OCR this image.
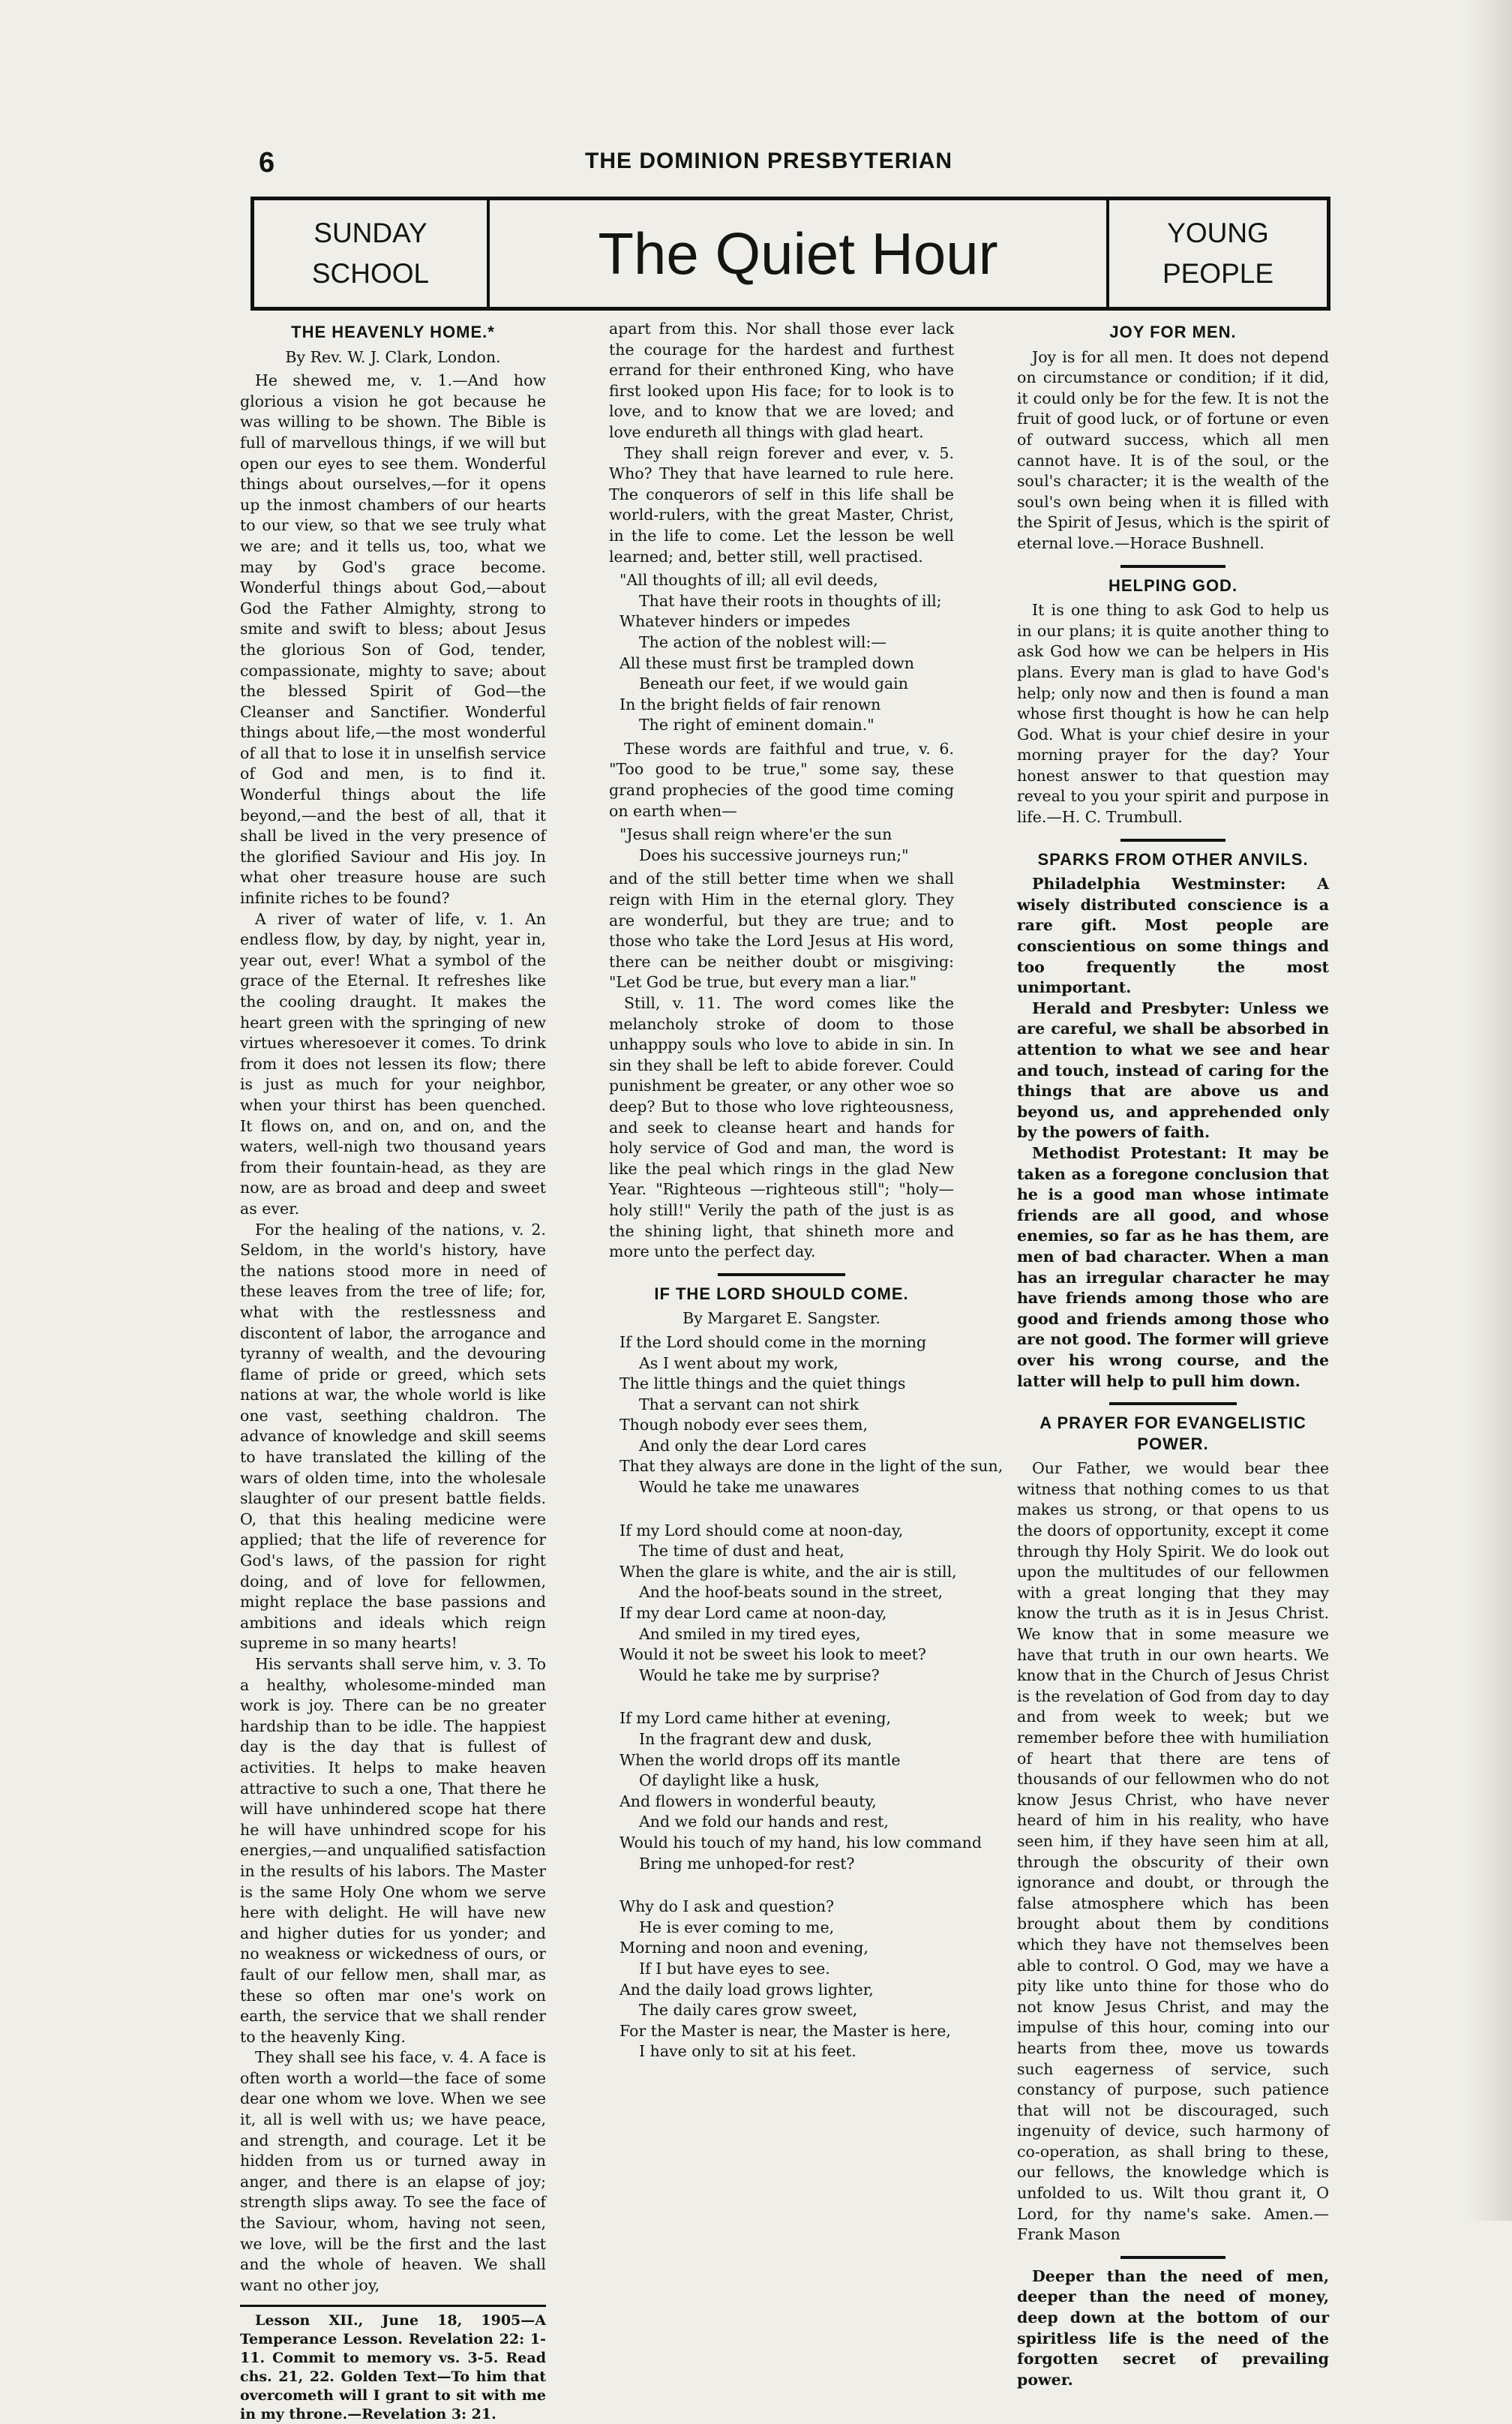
6	THE DOMINION PRESBYTERIAN
SUNDAY
SCHOOL	The Quiet Hour	YOUNG
PEOPLE
THE HEAVENLY HOME.*
By Rev. W. J. Clark, London.

He shewed me, v. 1.—And how glorious a vision he got because he was willing to be shown. The Bible is full of marvellous things, if we will but open our eyes to see them. Wonderful things about ourselves,—for it opens up the inmost chambers of our hearts to our view, so that we see truly what we are; and it tells us, too, what we may by God's grace become. Wonderful things about God,—about God the Father Almighty, strong to smite and swift to bless; about Jesus the glorious Son of God, tender, compassionate, mighty to save; about the blessed Spirit of God—the Cleanser and Sanctifier. Wonderful things about life,—the most wonderful of all that to lose it in unselfish service of God and men, is to find it. Wonderful things about the life beyond,—and the best of all, that it shall be lived in the very presence of the glorified Saviour and His joy. In what oher treasure house are such infinite riches to be found?

A river of water of life, v. 1. An endless flow, by day, by night, year in, year out, ever! What a symbol of the grace of the Eternal. It refreshes like the cooling draught. It makes the heart green with the springing of new virtues wheresoever it comes. To drink from it does not lessen its flow; there is just as much for your neighbor, when your thirst has been quenched. It flows on, and on, and on, and the waters, well-nigh two thousand years from their fountain-head, as they are now, are as broad and deep and sweet as ever.

For the healing of the nations, v. 2. Seldom, in the world's history, have the nations stood more in need of these leaves from the tree of life; for, what with the restlessness and discontent of labor, the arrogance and tyranny of wealth, and the devouring flame of pride or greed, which sets nations at war, the whole world is like one vast, seething chaldron. The advance of knowledge and skill seems to have translated the killing of the wars of olden time, into the wholesale slaughter of our present battle fields. O, that this healing medicine were applied; that the life of reverence for God's laws, of the passion for right doing, and of love for fellowmen, might replace the base passions and ambitions and ideals which reign supreme in so many hearts!

His servants shall serve him, v. 3. To a healthy, wholesome-minded man work is joy. There can be no greater hardship than to be idle. The happiest day is the day that is fullest of activities. It helps to make heaven attractive to such a one, That there he will have unhindered scope hat there he will have unhindred scope for his energies,—and unqualified satisfaction in the results of his labors. The Master is the same Holy One whom we serve here with delight. He will have new and higher duties for us yonder; and no weakness or wickedness of ours, or fault of our fellow men, shall mar, as these so often mar one's work on earth, the service that we shall render to the heavenly King.

They shall see his face, v. 4. A face is often worth a world—the face of some dear one whom we love. When we see it, all is well with us; we have peace, and strength, and courage. Let it be hidden from us or turned away in anger, and there is an elapse of joy; strength slips away. To see the face of the Saviour, whom, having not seen, we love, will be the first and the last and the whole of heaven. We shall want no other joy,

Lesson XII., June 18, 1905—A Temperance Lesson. Revelation 22: 1-11. Commit to memory vs. 3-5. Read chs. 21, 22. Golden Text—To him that overcometh will I grant to sit with me in my throne.—Revelation 3: 21.

apart from this. Nor shall those ever lack the courage for the hardest and furthest errand for their enthroned King, who have first looked upon His face; for to look is to love, and to know that we are loved; and love endureth all things with glad heart.

They shall reign forever and ever, v. 5. Who? They that have learned to rule here. The conquerors of self in this life shall be world-rulers, with the great Master, Christ, in the life to come. Let the lesson be well learned; and, better still, well practised.

"All thoughts of ill; all evil deeds,
That have their roots in thoughts of ill;
Whatever hinders or impedes
The action of the noblest will:—
All these must first be trampled down
Beneath our feet, if we would gain
In the bright fields of fair renown
The right of eminent domain."

These words are faithful and true, v. 6. "Too good to be true," some say, these grand prophecies of the good time coming on earth when—

"Jesus shall reign where'er the sun
Does his successive journeys run;"

and of the still better time when we shall reign with Him in the eternal glory. They are wonderful, but they are true; and to those who take the Lord Jesus at His word, there can be neither doubt or misgiving: "Let God be true, but every man a liar."

Still, v. 11. The word comes like the melancholy stroke of doom to those unhapppy souls who love to abide in sin. In sin they shall be left to abide forever. Could punishment be greater, or any other woe so deep? But to those who love righteousness, and seek to cleanse heart and hands for holy service of God and man, the word is like the peal which rings in the glad New Year. "Righteous —righteous still"; "holy—holy still!" Verily the path of the just is as the shining light, that shineth more and more unto the perfect day.

IF THE LORD SHOULD COME.
By Margaret E. Sangster.
If the Lord should come in the morning
As I went about my work,
The little things and the quiet things
That a servant can not shirk
Though nobody ever sees them,
And only the dear Lord cares
That they always are done in the light of the sun,
Would he take me unawares
If my Lord should come at noon-day,
The time of dust and heat,
When the glare is white, and the air is still,
And the hoof-beats sound in the street,
If my dear Lord came at noon-day,
And smiled in my tired eyes,
Would it not be sweet his look to meet?
Would he take me by surprise?
If my Lord came hither at evening,
In the fragrant dew and dusk,
When the world drops off its mantle
Of daylight like a husk,
And flowers in wonderful beauty,
And we fold our hands and rest,
Would his touch of my hand, his low command
Bring me unhoped-for rest?
Why do I ask and question?
He is ever coming to me,
Morning and noon and evening,
If I but have eyes to see.
And the daily load grows lighter,
The daily cares grow sweet,
For the Master is near, the Master is here,
I have only to sit at his feet.
JOY FOR MEN.

Joy is for all men. It does not depend on circumstance or condition; if it did, it could only be for the few. It is not the fruit of good luck, or of fortune or even of outward success, which all men cannot have. It is of the soul, or the soul's character; it is the wealth of the soul's own being when it is filled with the Spirit of Jesus, which is the spirit of eternal love.—Horace Bushnell.

HELPING GOD.

It is one thing to ask God to help us in our plans; it is quite another thing to ask God how we can be helpers in His plans. Every man is glad to have God's help; only now and then is found a man whose first thought is how he can help God. What is your chief desire in your morning prayer for the day? Your honest answer to that question may reveal to you your spirit and purpose in life.—H. C. Trumbull.

SPARKS FROM OTHER ANVILS.

Philadelphia Westminster: A wisely distributed conscience is a rare gift. Most people are conscientious on some things and too frequently the most unimportant.

Herald and Presbyter: Unless we are careful, we shall be absorbed in attention to what we see and hear and touch, instead of caring for the things that are above us and beyond us, and apprehended only by the powers of faith.

Methodist Protestant: It may be taken as a foregone conclusion that he is a good man whose intimate friends are all good, and whose enemies, so far as he has them, are men of bad character. When a man has an irregular character he may have friends among those who are good and friends among those who are not good. The former will grieve over his wrong course, and the latter will help to pull him down.

A PRAYER FOR EVANGELISTIC POWER.

Our Father, we would bear thee witness that nothing comes to us that makes us strong, or that opens to us the doors of opportunity, except it come through thy Holy Spirit. We do look out upon the multitudes of our fellowmen with a great longing that they may know the truth as it is in Jesus Christ. We know that in some measure we have that truth in our own hearts. We know that in the Church of Jesus Christ is the revelation of God from day to day and from week to week; but we remember before thee with humiliation of heart that there are tens of thousands of our fellowmen who do not know Jesus Christ, who have never heard of him in his reality, who have seen him, if they have seen him at all, through the obscurity of their own ignorance and doubt, or through the false atmosphere which has been brought about them by conditions which they have not themselves been able to control. O God, may we have a pity like unto thine for those who do not know Jesus Christ, and may the impulse of this hour, coming into our hearts from thee, move us towards such eagerness of service, such constancy of purpose, such patience that will not be discouraged, such ingenuity of device, such harmony of co-operation, as shall bring to these, our fellows, the knowledge which is unfolded to us. Wilt thou grant it, O Lord, for thy name's sake. Amen.—Frank Mason

Deeper than the need of men, deeper than the need of money, deep down at the bottom of our spiritless life is the need of the forgotten secret of prevailing power.
